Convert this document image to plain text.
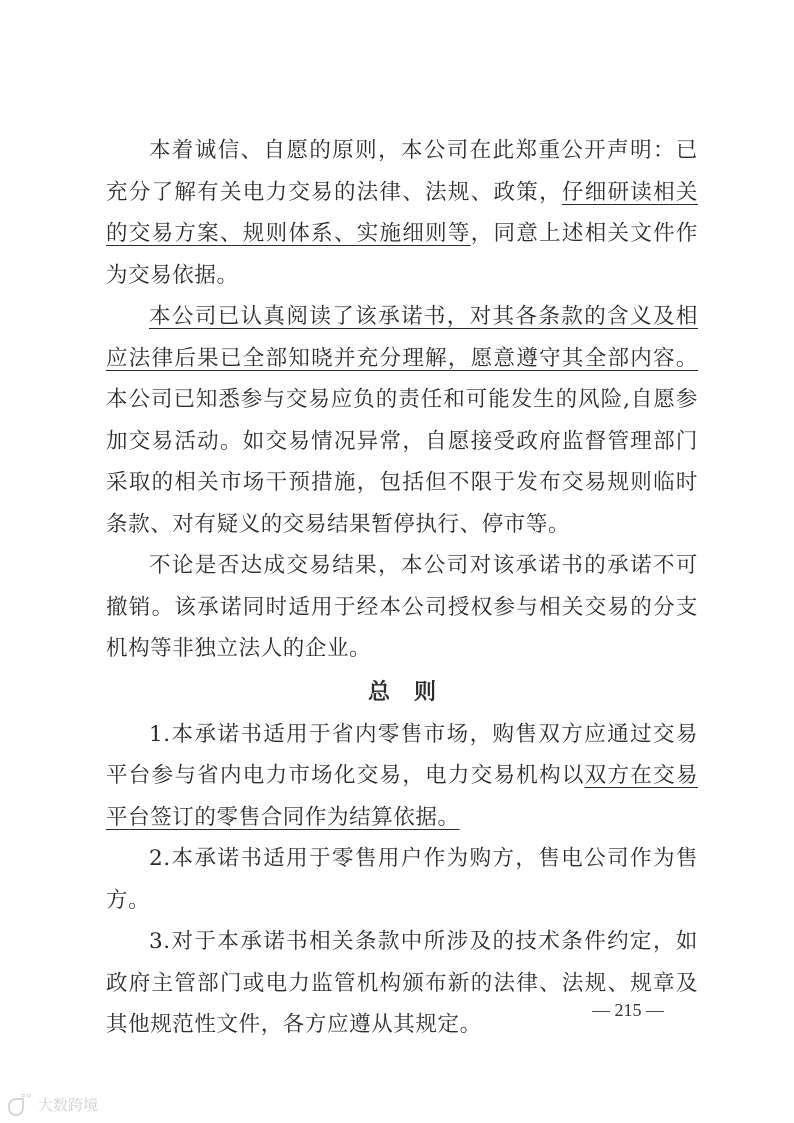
本着诚信、自愿的原则，本公司在此郑重公开声明：已充分了解有关电力交易的法律、法规、政策，仔细研读相关的交易方案、规则体系、实施细则等，同意上述相关文件作为交易依据。

本公司已认真阅读了该承诺书，对其各条款的含义及相应法律后果已全部知晓并充分理解，愿意遵守其全部内容。本公司已知悉参与交易应负的责任和可能发生的风险,自愿参加交易活动。如交易情况异常，自愿接受政府监督管理部门采取的相关市场干预措施，包括但不限于发布交易规则临时条款、对有疑义的交易结果暂停执行、停市等。

不论是否达成交易结果，本公司对该承诺书的承诺不可撤销。该承诺同时适用于经本公司授权参与相关交易的分支机构等非独立法人的企业。

总则

1.本承诺书适用于省内零售市场，购售双方应通过交易平台参与省内电力市场化交易，电力交易机构以双方在交易平台签订的零售合同作为结算依据。

2.本承诺书适用于零售用户作为购方，售电公司作为售方。

3.对于本承诺书相关条款中所涉及的技术条件约定，如政府主管部门或电力监管机构颁布新的法律、法规、规章及其他规范性文件，各方应遵从其规定。

— 215 —
°°
大数跨境
